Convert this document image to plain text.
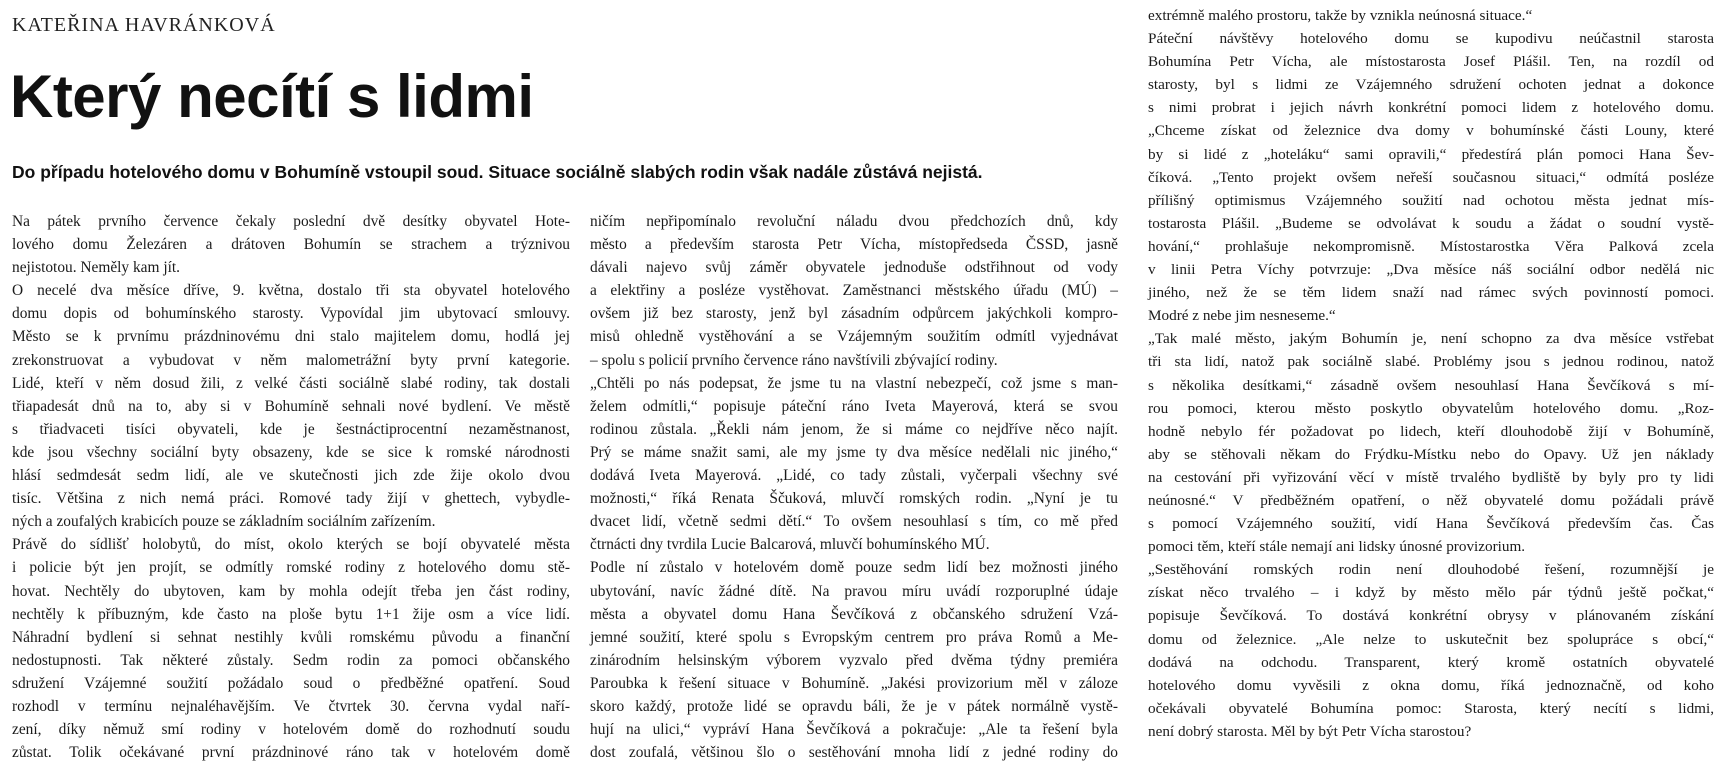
KATEŘINA HAVRÁNKOVÁ
Který necítí s lidmi

Do případu hotelového domu v Bohumíně vstoupil soud. Situace sociálně slabých rodin však nadále zůstává nejistá.

Na pátek prvního července čekaly poslední dvě desítky obyvatel Hote-
lového domu Železáren a drátoven Bohumín se strachem a trýznivou
nejistotou. Neměly kam jít.
O necelé dva měsíce dříve, 9. května, dostalo tři sta obyvatel hotelového
domu dopis od bohumínského starosty. Vypovídal jim ubytovací smlouvy.
Město se k prvnímu prázdninovému dni stalo majitelem domu, hodlá jej
zrekonstruovat a vybudovat v něm malometrážní byty první kategorie.
Lidé, kteří v něm dosud žili, z velké části sociálně slabé rodiny, tak dostali
třiapadesát dnů na to, aby si v Bohumíně sehnali nové bydlení. Ve městě
s třiadvaceti tisíci obyvateli, kde je šestnáctiprocentní nezaměstnanost,
kde jsou všechny sociální byty obsazeny, kde se sice k romské národnosti
hlásí sedmdesát sedm lidí, ale ve skutečnosti jich zde žije okolo dvou
tisíc. Většina z nich nemá práci. Romové tady žijí v ghettech, vybydle-
ných a zoufalých krabicích pouze se základním sociálním zařízením.
Právě do sídlišť holobytů, do míst, okolo kterých se bojí obyvatelé města
i policie být jen projít, se odmítly romské rodiny z hotelového domu stě-
hovat. Nechtěly do ubytoven, kam by mohla odejít třeba jen část rodiny,
nechtěly k příbuzným, kde často na ploše bytu 1+1 žije osm a více lidí.
Náhradní bydlení si sehnat nestihly kvůli romskému původu a finanční
nedostupnosti. Tak některé zůstaly. Sedm rodin za pomoci občanského
sdružení Vzájemné soužití požádalo soud o předběžné opatření. Soud
rozhodl v termínu nejnaléhavějším. Ve čtvrtek 30. června vydal naří-
zení, díky němuž smí rodiny v hotelovém domě do rozhodnutí soudu
zůstat. Tolik očekávané první prázdninové ráno tak v hotelovém domě
ničím nepřipomínalo revoluční náladu dvou předchozích dnů, kdy
město a především starosta Petr Vícha, místopředseda ČSSD, jasně
dávali najevo svůj záměr obyvatele jednoduše odstřihnout od vody
a elektřiny a posléze vystěhovat. Zaměstnanci městského úřadu (MÚ) –
ovšem již bez starosty, jenž byl zásadním odpůrcem jakýchkoli kompro-
misů ohledně vystěhování a se Vzájemným soužitím odmítl vyjednávat
– spolu s policií prvního července ráno navštívili zbývající rodiny.
„Chtěli po nás podepsat, že jsme tu na vlastní nebezpečí, což jsme s man-
želem odmítli,“ popisuje páteční ráno Iveta Mayerová, která se svou
rodinou zůstala. „Řekli nám jenom, že si máme co nejdříve něco najít.
Prý se máme snažit sami, ale my jsme ty dva měsíce nedělali nic jiného,“
dodává Iveta Mayerová. „Lidé, co tady zůstali, vyčerpali všechny své
možnosti,“ říká Renata Ščuková, mluvčí romských rodin. „Nyní je tu
dvacet lidí, včetně sedmi dětí.“ To ovšem nesouhlasí s tím, co mě před
čtrnácti dny tvrdila Lucie Balcarová, mluvčí bohumínského MÚ.
Podle ní zůstalo v hotelovém domě pouze sedm lidí bez možnosti jiného
ubytování, navíc žádné dítě. Na pravou míru uvádí rozporuplné údaje
města a obyvatel domu Hana Ševčíková z občanského sdružení Vzá-
jemné soužití, které spolu s Evropským centrem pro práva Romů a Me-
zinárodním helsinským výborem vyzvalo před dvěma týdny premiéra
Paroubka k řešení situace v Bohumíně. „Jakési provizorium měl v záloze
skoro každý, protože lidé se opravdu báli, že je v pátek normálně vystě-
hují na ulici,“ vypráví Hana Ševčíková a pokračuje: „Ale ta řešení byla
dost zoufalá, většinou šlo o sestěhování mnoha lidí z jedné rodiny do
extrémně malého prostoru, takže by vznikla neúnosná situace.“
Páteční návštěvy hotelového domu se kupodivu neúčastnil starosta
Bohumína Petr Vícha, ale místostarosta Josef Plášil. Ten, na rozdíl od
starosty, byl s lidmi ze Vzájemného sdružení ochoten jednat a dokonce
s nimi probrat i jejich návrh konkrétní pomoci lidem z hotelového domu.
„Chceme získat od železnice dva domy v bohumínské části Louny, které
by si lidé z „hoteláku“ sami opravili,“ předestírá plán pomoci Hana Šev-
číková. „Tento projekt ovšem neřeší současnou situaci,“ odmítá posléze
přílišný optimismus Vzájemného soužití nad ochotou města jednat mís-
tostarosta Plášil. „Budeme se odvolávat k soudu a žádat o soudní vystě-
hování,“ prohlašuje nekompromisně. Místostarostka Věra Palková zcela
v linii Petra Víchy potvrzuje: „Dva měsíce náš sociální odbor nedělá nic
jiného, než že se těm lidem snaží nad rámec svých povinností pomoci.
Modré z nebe jim nesneseme.“
„Tak malé město, jakým Bohumín je, není schopno za dva měsíce vstřebat
tři sta lidí, natož pak sociálně slabé. Problémy jsou s jednou rodinou, natož
s několika desítkami,“ zásadně ovšem nesouhlasí Hana Ševčíková s mí-
rou pomoci, kterou město poskytlo obyvatelům hotelového domu. „Roz-
hodně nebylo fér požadovat po lidech, kteří dlouhodobě žijí v Bohumíně,
aby se stěhovali někam do Frýdku-Místku nebo do Opavy. Už jen náklady
na cestování při vyřizování věcí v místě trvalého bydliště by byly pro ty lidi
neúnosné.“ V předběžném opatření, o něž obyvatelé domu požádali právě
s pomocí Vzájemného soužití, vidí Hana Ševčíková především čas. Čas
pomoci těm, kteří stále nemají ani lidsky únosné provizorium.
„Sestěhování romských rodin není dlouhodobé řešení, rozumnější je
získat něco trvalého – i když by město mělo pár týdnů ještě počkat,“
popisuje Ševčíková. To dostává konkrétní obrysy v plánovaném získání
domu od železnice. „Ale nelze to uskutečnit bez spolupráce s obcí,“
dodává na odchodu. Transparent, který kromě ostatních obyvatelé
hotelového domu vyvěsili z okna domu, říká jednoznačně, od koho
očekávali obyvatelé Bohumína pomoc: Starosta, který necítí s lidmi,
není dobrý starosta. Měl by být Petr Vícha starostou?
